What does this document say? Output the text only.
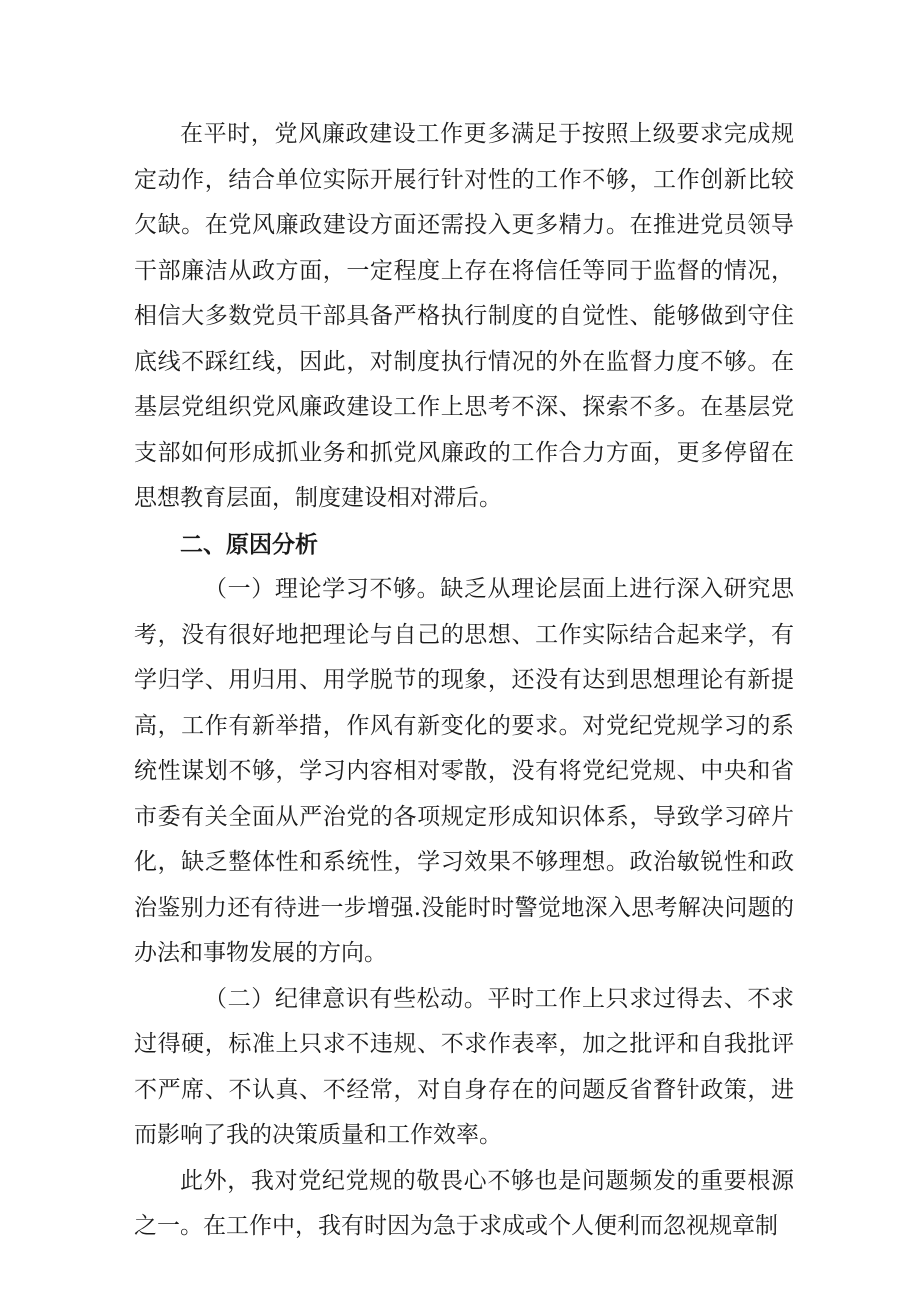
在平时，党风廉政建设工作更多满足于按照上级要求完成规定动作，结合单位实际开展行针对性的工作不够，工作创新比较欠缺。在党风廉政建设方面还需投入更多精力。在推进党员领导干部廉洁从政方面，一定程度上存在将信任等同于监督的情况，相信大多数党员干部具备严格执行制度的自觉性、能够做到守住底线不踩红线，因此，对制度执行情况的外在监督力度不够。在基层党组织党风廉政建设工作上思考不深、探索不多。在基层党支部如何形成抓业务和抓党风廉政的工作合力方面，更多停留在思想教育层面，制度建设相对滞后。

二、原因分析

（一）理论学习不够。缺乏从理论层面上进行深入研究思考，没有很好地把理论与自己的思想、工作实际结合起来学，有学归学、用归用、用学脱节的现象，还没有达到思想理论有新提高，工作有新举措，作风有新变化的要求。对党纪党规学习的系统性谋划不够，学习内容相对零散，没有将党纪党规、中央和省市委有关全面从严治党的各项规定形成知识体系，导致学习碎片化，缺乏整体性和系统性，学习效果不够理想。政治敏锐性和政治鉴别力还有待进一步增强.没能时时警觉地深入思考解决问题的办法和事物发展的方向。

（二）纪律意识有些松动。平时工作上只求过得去、不求过得硬，标准上只求不违规、不求作表率，加之批评和自我批评不严席、不认真、不经常，对自身存在的问题反省瞀针政策，进而影响了我的决策质量和工作效率。

此外，我对党纪党规的敬畏心不够也是问题频发的重要根源之一。在工作中，我有时因为急于求成或个人便利而忽视规章制
